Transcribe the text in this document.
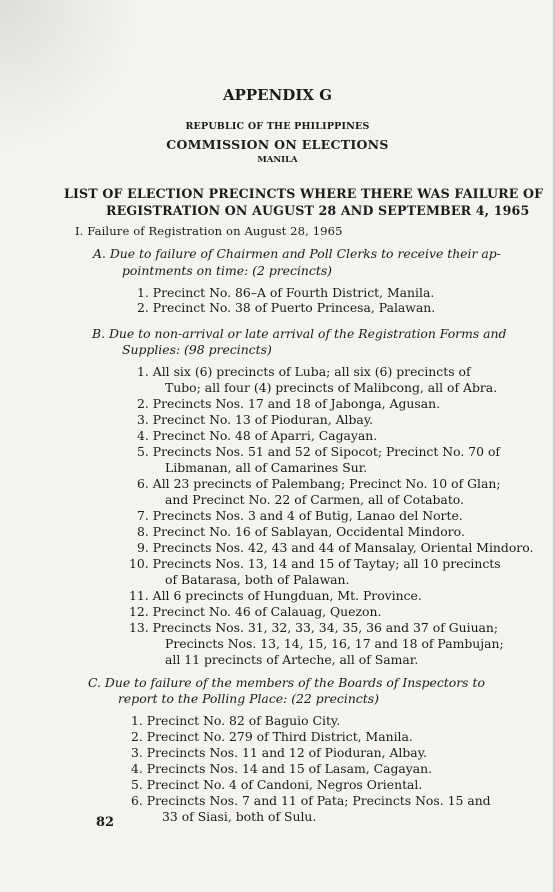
APPENDIX G
REPUBLIC OF THE PHILIPPINES
COMMISSION ON ELECTIONS
MANILA
LIST OF ELECTION PRECINCTS WHERE THERE WAS FAILURE OF
REGISTRATION ON AUGUST 28 AND SEPTEMBER 4, 1965
I. Failure of Registration on August 28, 1965
A. Due to failure of Chairmen and Poll Clerks to receive their ap-
pointments on time: (2 precincts)
1. Precinct No. 86–A of Fourth District, Manila.
2. Precinct No. 38 of Puerto Princesa, Palawan.
B. Due to non-arrival or late arrival of the Registration Forms and
Supplies: (98 precincts)
1. All six (6) precincts of Luba; all six (6) precincts of
Tubo; all four (4) precincts of Malibcong, all of Abra.
2. Precincts Nos. 17 and 18 of Jabonga, Agusan.
3. Precinct No. 13 of Pioduran, Albay.
4. Precinct No. 48 of Aparri, Cagayan.
5. Precincts Nos. 51 and 52 of Sipocot; Precinct No. 70 of
Libmanan, all of Camarines Sur.
6. All 23 precincts of Palembang; Precinct No. 10 of Glan;
and Precinct No. 22 of Carmen, all of Cotabato.
7. Precincts Nos. 3 and 4 of Butig, Lanao del Norte.
8. Precinct No. 16 of Sablayan, Occidental Mindoro.
9. Precincts Nos. 42, 43 and 44 of Mansalay, Oriental Mindoro.
10. Precincts Nos. 13, 14 and 15 of Taytay; all 10 precincts
of Batarasa, both of Palawan.
11. All 6 precincts of Hungduan, Mt. Province.
12. Precinct No. 46 of Calauag, Quezon.
13. Precincts Nos. 31, 32, 33, 34, 35, 36 and 37 of Guiuan;
Precincts Nos. 13, 14, 15, 16, 17 and 18 of Pambujan;
all 11 precincts of Arteche, all of Samar.
C. Due to failure of the members of the Boards of Inspectors to
report to the Polling Place: (22 precincts)
1. Precinct No. 82 of Baguio City.
2. Precinct No. 279 of Third District, Manila.
3. Precincts Nos. 11 and 12 of Pioduran, Albay.
4. Precincts Nos. 14 and 15 of Lasam, Cagayan.
5. Precinct No. 4 of Candoni, Negros Oriental.
6. Precincts Nos. 7 and 11 of Pata; Precincts Nos. 15 and
33 of Siasi, both of Sulu.
82
